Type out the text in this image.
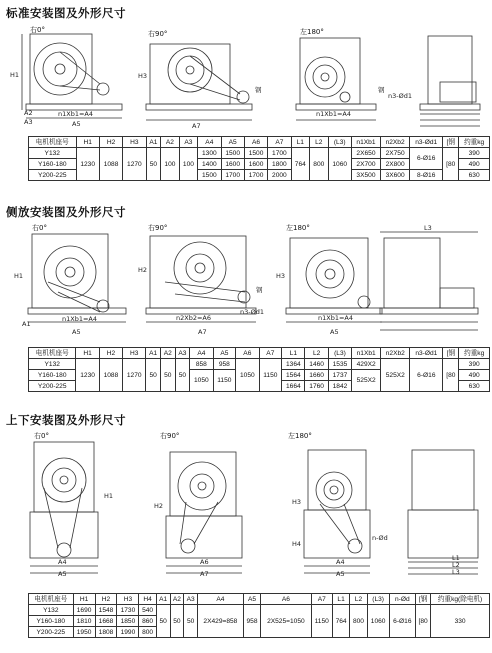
标准安装图及外形尺寸
右0°
H1
A2
A3
n1Xb1=A4
A5
右90°
H3
A7
钢
左180°
n1Xb1=A4
钢
n3-Ød1
电机机座号	H1	H2	H3	A1	A2	A3	A4	A5	A6	A7	L1	L2	(L3)	n1Xb1	n2Xb2	n3-Ød1	[钢	约重kg
Y132	1230	1088	1270	50	100	100	1300	1500	1500	1700	764	800	1060	2X650	2X750	6-Ø16	[80	390
Y160-180							1400	1600	1600	1800				2X700	2X800			490
Y200-225							1500	1700	1700	2000				3X500	3X600	8-Ø16		630
侧放安装图及外形尺寸
右0°
H1
A1
n1Xb1=A4
A5
右90°
H2
n2Xb2=A6
A7
钢
n3-Ød1
左180°
H3
n1Xb1=A4
A5
L3
电机机座号	H1	H2	H3	A1	A2	A3	A4	A5	A6	A7	L1	L2	(L3)	n1Xb1	n2Xb2	n3-Ød1	[钢	约重kg
Y132	1230	1088	1270	50	50	50	858	958	1050	1150	1364	1460	1535	429X2	525X2	6-Ø16	[80	390
Y160-180							1050	1150			1564	1660	1737	525X2				490
Y200-225											1664	1760	1842					630
上下安装图及外形尺寸
右0°
H1
A4
A5
右90°
H2
A6
A7
左180°
H3
H4
A4
A5
n-Ød
L1
L2
L3
电机机座号	H1	H2	H3	H4	A1	A2	A3	A4	A5	A6	A7	L1	L2	(L3)	n-Ød	[钢	约重kg(除电机)
Y132	1690	1548	1730	540	50	50	50	2X429=858	958	2X525=1050	1150	764	800	1060	6-Ø16	[80	330
Y160-180	1810	1668	1850	860													
Y200-225	1950	1808	1990	800													
